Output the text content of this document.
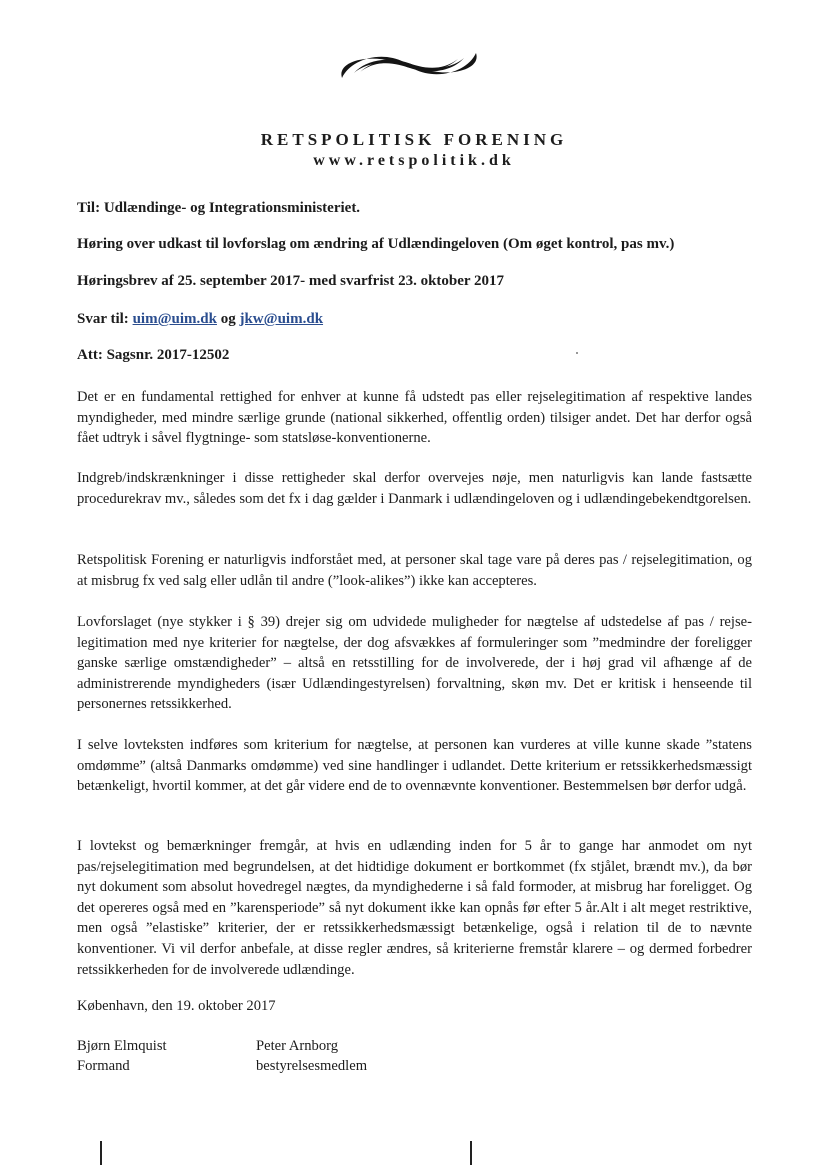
RETSPOLITISK FORENING
www.retspolitik.dk
Til: Udlændinge- og Integrationsministeriet.
Høring over udkast til lovforslag om ændring af Udlændingeloven (Om øget kontrol, pas mv.)
Høringsbrev af 25. september 2017- med svarfrist 23. oktober 2017
Svar til: uim@uim.dk og jkw@uim.dk
Att: Sagsnr. 2017-12502
Det er en fundamental rettighed for enhver at kunne få udstedt pas eller rejselegitimation af respektive landes myndigheder, med mindre særlige grunde (national sikkerhed, offentlig orden) tilsiger andet. Det har derfor også fået udtryk i såvel flygtninge- som statsløse-konventionerne.
Indgreb/indskrænkninger i disse rettigheder skal derfor overvejes nøje, men naturligvis kan lande fastsætte procedurekrav mv., således som det fx i dag gælder i Danmark i udlændingeloven og i udlændingebekendtgorelsen.
Retspolitisk Forening er naturligvis indforstået med, at personer skal tage vare på deres pas / rejselegitimation, og at misbrug fx ved salg eller udlån til andre (”look-alikes”) ikke kan accepteres.
Lovforslaget (nye stykker i § 39) drejer sig om udvidede muligheder for nægtelse af udstedelse af pas / rejselegitimation med nye kriterier for nægtelse, der dog afsvækkes af formuleringer som ”medmindre der foreligger ganske særlige omstændigheder” – altså en retsstilling for de involverede, der i høj grad vil afhænge af de administrerende myndigheders (især Udlændingestyrelsen) forvaltning, skøn mv. Det er kritisk i henseende til personernes retssikkerhed.
I selve lovteksten indføres som kriterium for nægtelse, at personen kan vurderes at ville kunne skade ”statens omdømme” (altså Danmarks omdømme) ved sine handlinger i udlandet. Dette kriterium er retssikkerhedsmæssigt betænkeligt, hvortil kommer, at det går videre end de to ovennævnte konventioner. Bestemmelsen bør derfor udgå.
I lovtekst og bemærkninger fremgår, at hvis en udlænding inden for 5 år to gange har anmodet om nyt pas/rejselegitimation med begrundelsen, at det hidtidige dokument er bortkommet (fx stjålet, brændt mv.), da bør nyt dokument som absolut hovedregel nægtes, da myndighederne i så fald formoder, at misbrug har foreligget. Og det opereres også med en ”karensperiode” så nyt dokument ikke kan opnås før efter 5 år.Alt i alt meget restriktive, men også ”elastiske” kriterier, der er retssikkerhedsmæssigt betænkelige, også i relation til de to nævnte konventioner. Vi vil derfor anbefale, at disse regler ændres, så kriterierne fremstår klarere – og dermed forbedrer retssikkerheden for de involverede udlændinge.
København, den 19. oktober 2017
Bjørn Elmquist
Formand
Peter Arnborg
bestyrelsesmedlem
